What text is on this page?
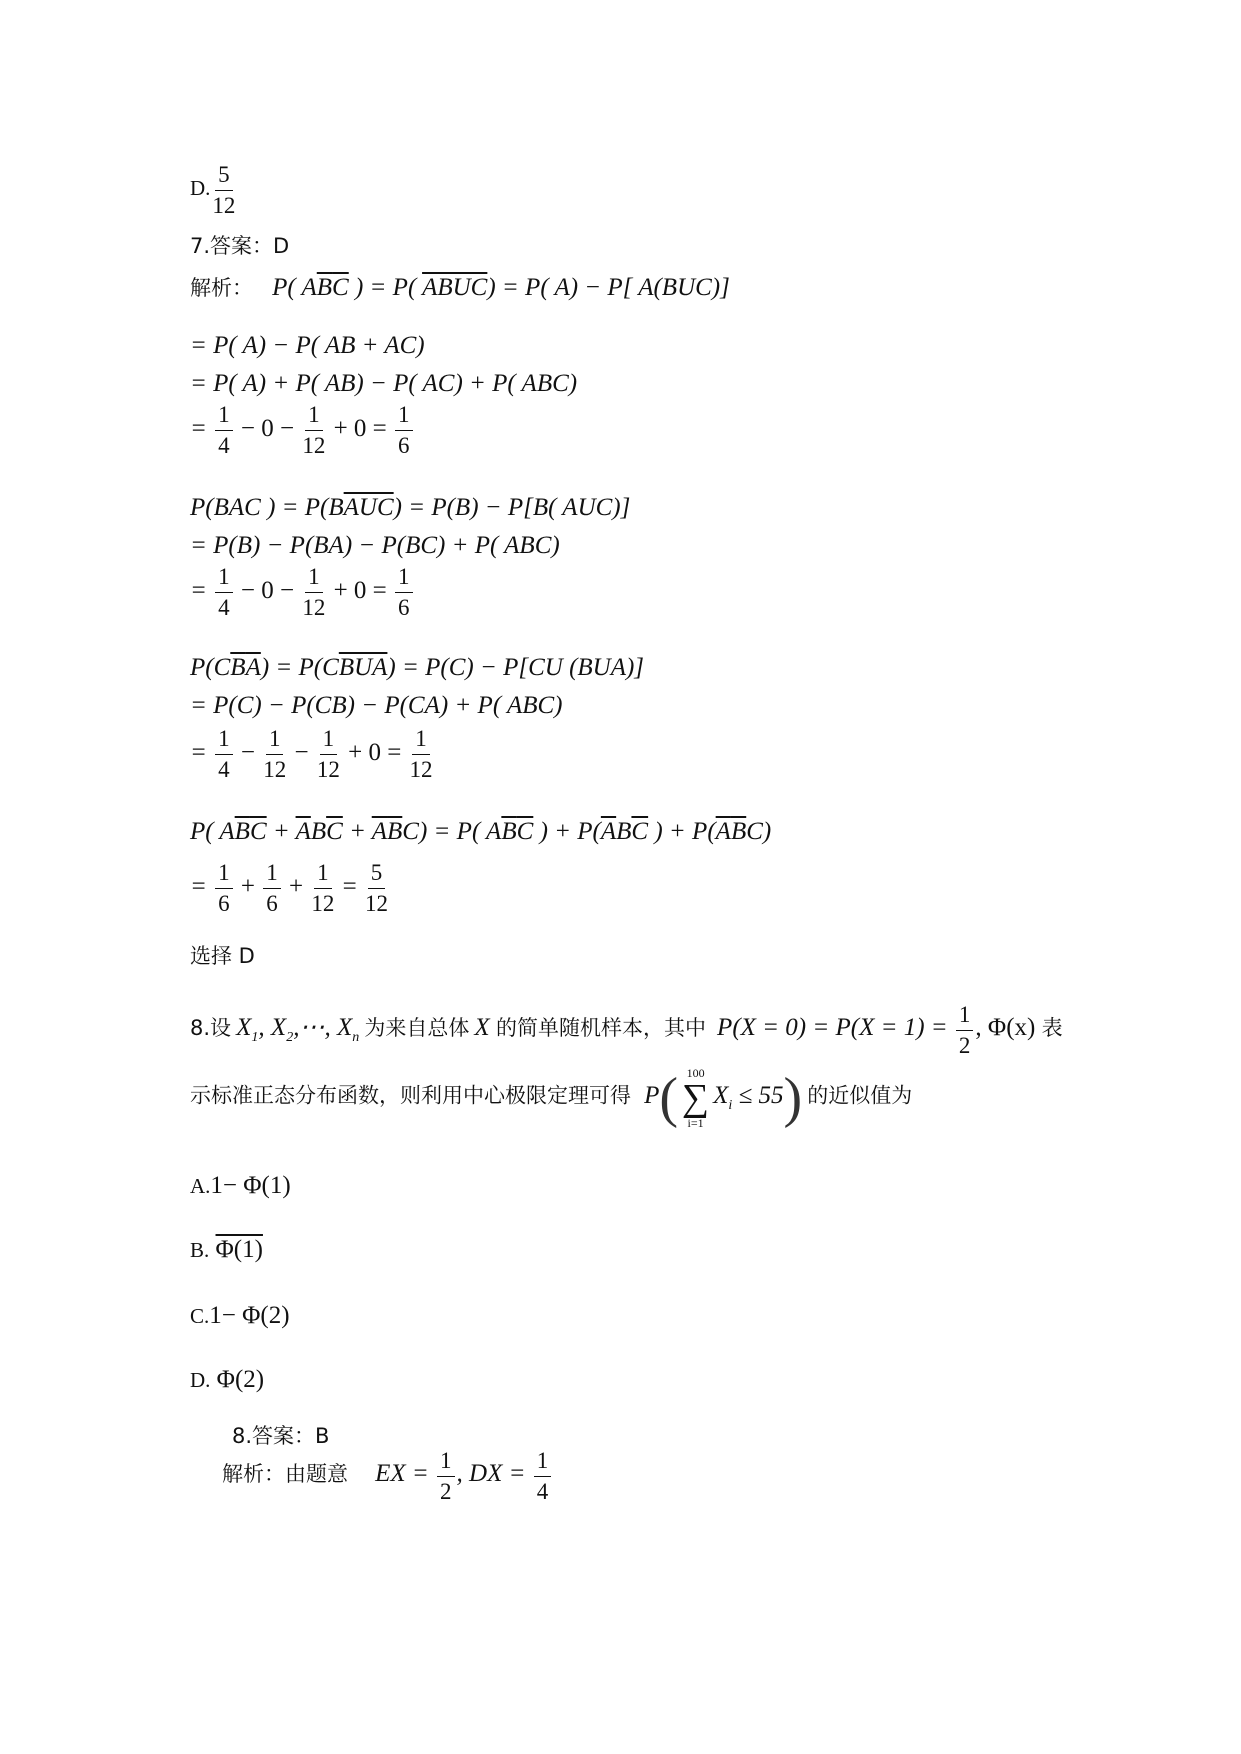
D. $\frac{5}{12}$
7.答案：D
解析： P( $A\overline{B}\overline{C}$ ) = P( ABUC) = P( A) − P[ A(BUC)]
= P( A) − P( AB + AC)
= P( A) + P( AB) − P( AC) + P( ABC)
= $\frac{1}{4} - 0 - \frac{1}{12} + 0 = \frac{1}{6}$
P(BAC ) = $P(B\overline{AUC}) = P(B) - P[B$( AUC)]
= P(B) − P(BA) − P(BC) + P( ABC)
= $\frac{1}{4} - 0 - \frac{1}{12} + 0 = \frac{1}{6}$
$P(C\overline{B}\overline{A}) = P(C\overline{BUA}) = P(C) - P[CU$ (BUA)]
= P(C) − P(CB) − P(CA) + P( ABC)
= $\frac{1}{4} - \frac{1}{12} - \frac{1}{12} + 0 = \frac{1}{12}$
P( $A\overline{B}\overline{C} + \overline{A}B\overline{C} + \overline{A}\overline{B}C) = P$( $A\overline{B}\overline{C}$ ) + $P(\overline{A}B\overline{C}$ ) + $P(\overline{A}\overline{B}C)$
= $\frac{1}{6} + \frac{1}{6} + \frac{1}{12} = \frac{5}{12}$
选择 D
8.设 $X_1$, $X_2,\cdots$, $X_n$ 为来自总体 X 的简单随机样本，其中 $P(X = 0) = P(X = 1) = \frac{1}{2}$ , Φ(x) 表
示标准正态分布函数，则利用中心极限定理可得 P( 100
∑
i=1
$X_i \le 55$) 的近似值为
A.1− Φ(1)
B. Φ(1)
C.1− Φ(2)
D. Φ(2)
8.答案：B
解析：由题意 EX = $\frac{1}{2}$ , DX = $\frac{1}{4}$
